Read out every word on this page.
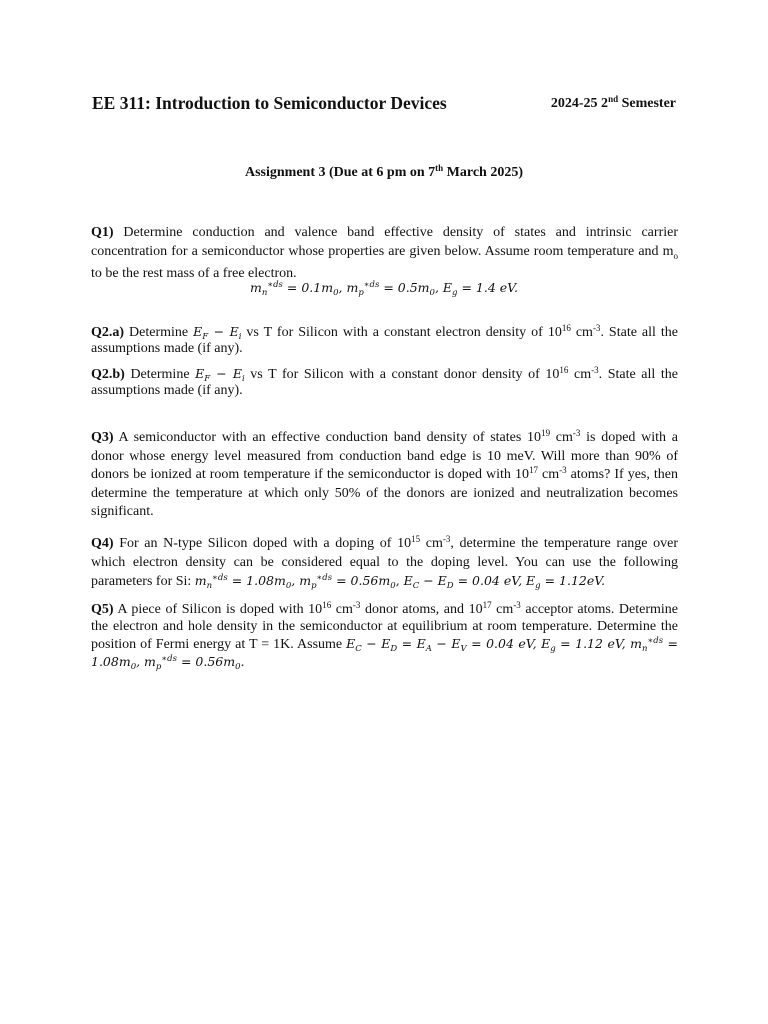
EE 311: Introduction to Semiconductor Devices	2024-25 2nd Semester
Assignment 3 (Due at 6 pm on 7th March 2025)

Q1) Determine conduction and valence band effective density of states and intrinsic carrier concentration for a semiconductor whose properties are given below. Assume room temperature and $m_o$ to be the rest mass of a free electron.

$m_n^{∗ds} = 0.1m_0$, $m_p^{∗ds} = 0.5m_0$, $E_g = 1.4$ eV.

Q2.a) Determine $E_F - E_i$ vs T for Silicon with a constant electron density of $10^{16}$ $cm^{-3}$. State all the assumptions made (if any).

Q2.b) Determine $E_F - E_i$ vs T for Silicon with a constant donor density of $10^{16}$ $cm^{-3}$. State all the assumptions made (if any).

Q3) A semiconductor with an effective conduction band density of states $10^{19}$ $cm^{-3}$ is doped with a donor whose energy level measured from conduction band edge is 10 meV. Will more than 90% of donors be ionized at room temperature if the semiconductor is doped with $10^{17}$ $cm^{-3}$ atoms? If yes, then determine the temperature at which only 50% of the donors are ionized and neutralization becomes significant.

Q4) For an N-type Silicon doped with a doping of $10^{15}$ $cm^{-3}$, determine the temperature range over which electron density can be considered equal to the doping level. You can use the following parameters for Si: $m_n^{∗ds} = 1.08m_0$, $m_p^{∗ds} = 0.56m_0$, $E_C - E_D = 0.04$ eV, $E_g = 1.12eV$.

Q5) A piece of Silicon is doped with $10^{16}$ $cm^{-3}$ donor atoms, and $10^{17}$ $cm^{-3}$ acceptor atoms. Determine the electron and hole density in the semiconductor at equilibrium at room temperature. Determine the position of Fermi energy at T = 1K. Assume $E_C - E_D = E_A - E_V = 0.04$ eV, $E_g = 1.12$ eV, $m_n^{∗ds} = 1.08m_0$, $m_p^{∗ds} = 0.56m_0$.
